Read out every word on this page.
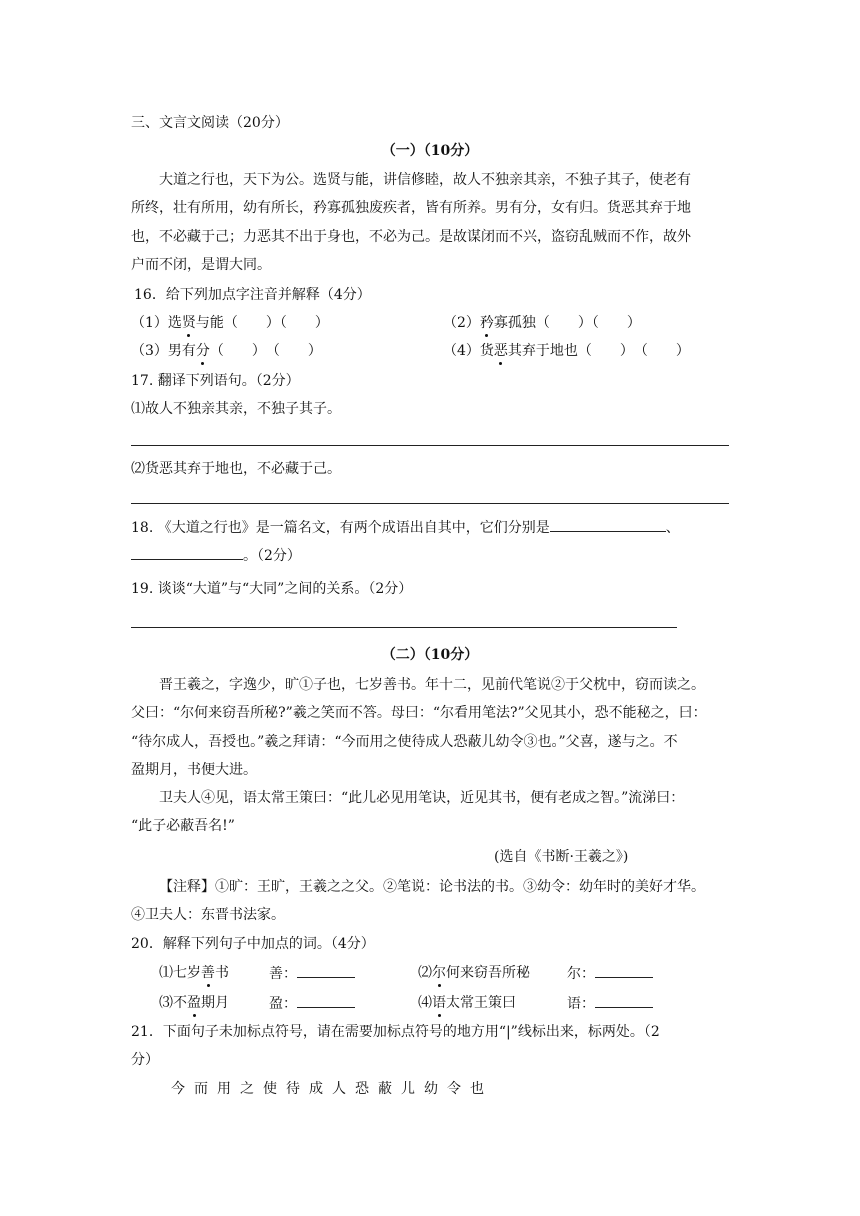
三、文言文阅读（20分）
（一）（10分）
大道之行也，天下为公。选贤与能，讲信修睦，故人不独亲其亲，不独子其子，使老有
所终，壮有所用，幼有所长，矜寡孤独废疾者，皆有所养。男有分，女有归。货恶其弃于地
也，不必藏于己；力恶其不出于身也，不必为己。是故谋闭而不兴，盗窃乱贼而不作，故外
户而不闭，是谓大同。
16．给下列加点字注音并解释（4分）
（1）选贤与能（　　）（　　）	（2）矜寡孤独（　　）（　　）
（3）男有分（　　）　（　　）	（4）货恶其弃于地也（　　）　（　　）
17. 翻译下列语句。（2分）
⑴故人不独亲其亲，不独子其子。
⑵货恶其弃于地也，不必藏于己。
18. 《大道之行也》是一篇名文，有两个成语出自其中，它们分别是	、
。（2分）
19. 谈谈“大道”与“大同”之间的关系。（2分）
（二）（10分）
晋王羲之，字逸少，旷①子也，七岁善书。年十二，见前代笔说②于父枕中，窃而读之。
父曰：“尔何来窃吾所秘?”羲之笑而不答。母曰：“尔看用笔法?”父见其小，恐不能秘之，曰：
“待尔成人，吾授也。”羲之拜请：“今而用之使待成人恐蔽儿幼令③也。”父喜，遂与之。不
盈期月，书便大进。
卫夫人④见，语太常王策曰：“此儿必见用笔诀，近见其书，便有老成之智。”流涕曰：
“此子必蔽吾名!”
(选自《书断·王羲之》)
【注释】①旷：王旷，王羲之之父。②笔说：论书法的书。③幼令：幼年时的美好才华。
④卫夫人：东晋书法家。
20．解释下列句子中加点的词。（4分）
⑴七岁善书	善：	⑵尔何来窃吾所秘	尔：
⑶不盈期月	盈：	⑷语太常王策曰	语：
21．下面句子未加标点符号，请在需要加标点符号的地方用“|”线标出来，标两处。（2
分）
今而用之使待成人恐蔽儿幼令也
